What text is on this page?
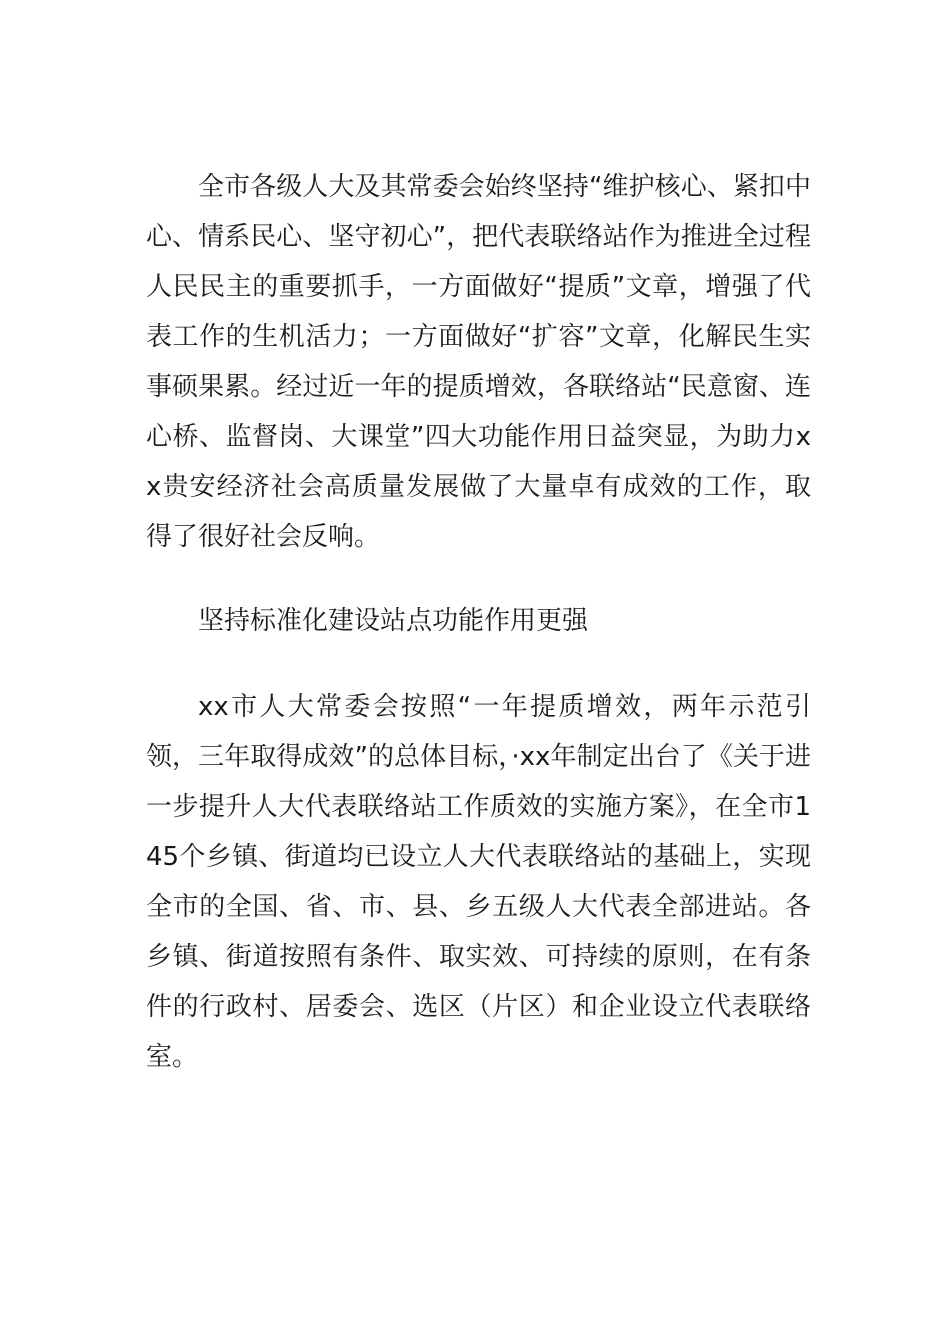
全市各级人大及其常委会始终坚持“维护核心、紧扣中心、情系民心、坚守初心”，把代表联络站作为推进全过程人民民主的重要抓手，一方面做好“提质”文章，增强了代表工作的生机活力；一方面做好“扩容”文章，化解民生实事硕果累。经过近一年的提质增效，各联络站“民意窗、连心桥、监督岗、大课堂”四大功能作用日益突显，为助力xx贵安经济社会高质量发展做了大量卓有成效的工作，取得了很好社会反响。

坚持标准化建设站点功能作用更强

xx市人大常委会按照“一年提质增效，两年示范引领，三年取得成效”的总体目标，·xx年制定出台了《关于进一步提升人大代表联络站工作质效的实施方案》，在全市145个乡镇、街道均已设立人大代表联络站的基础上，实现全市的全国、省、市、县、乡五级人大代表全部进站。各乡镇、街道按照有条件、取实效、可持续的原则，在有条件的行政村、居委会、选区（片区）和企业设立代表联络室。
